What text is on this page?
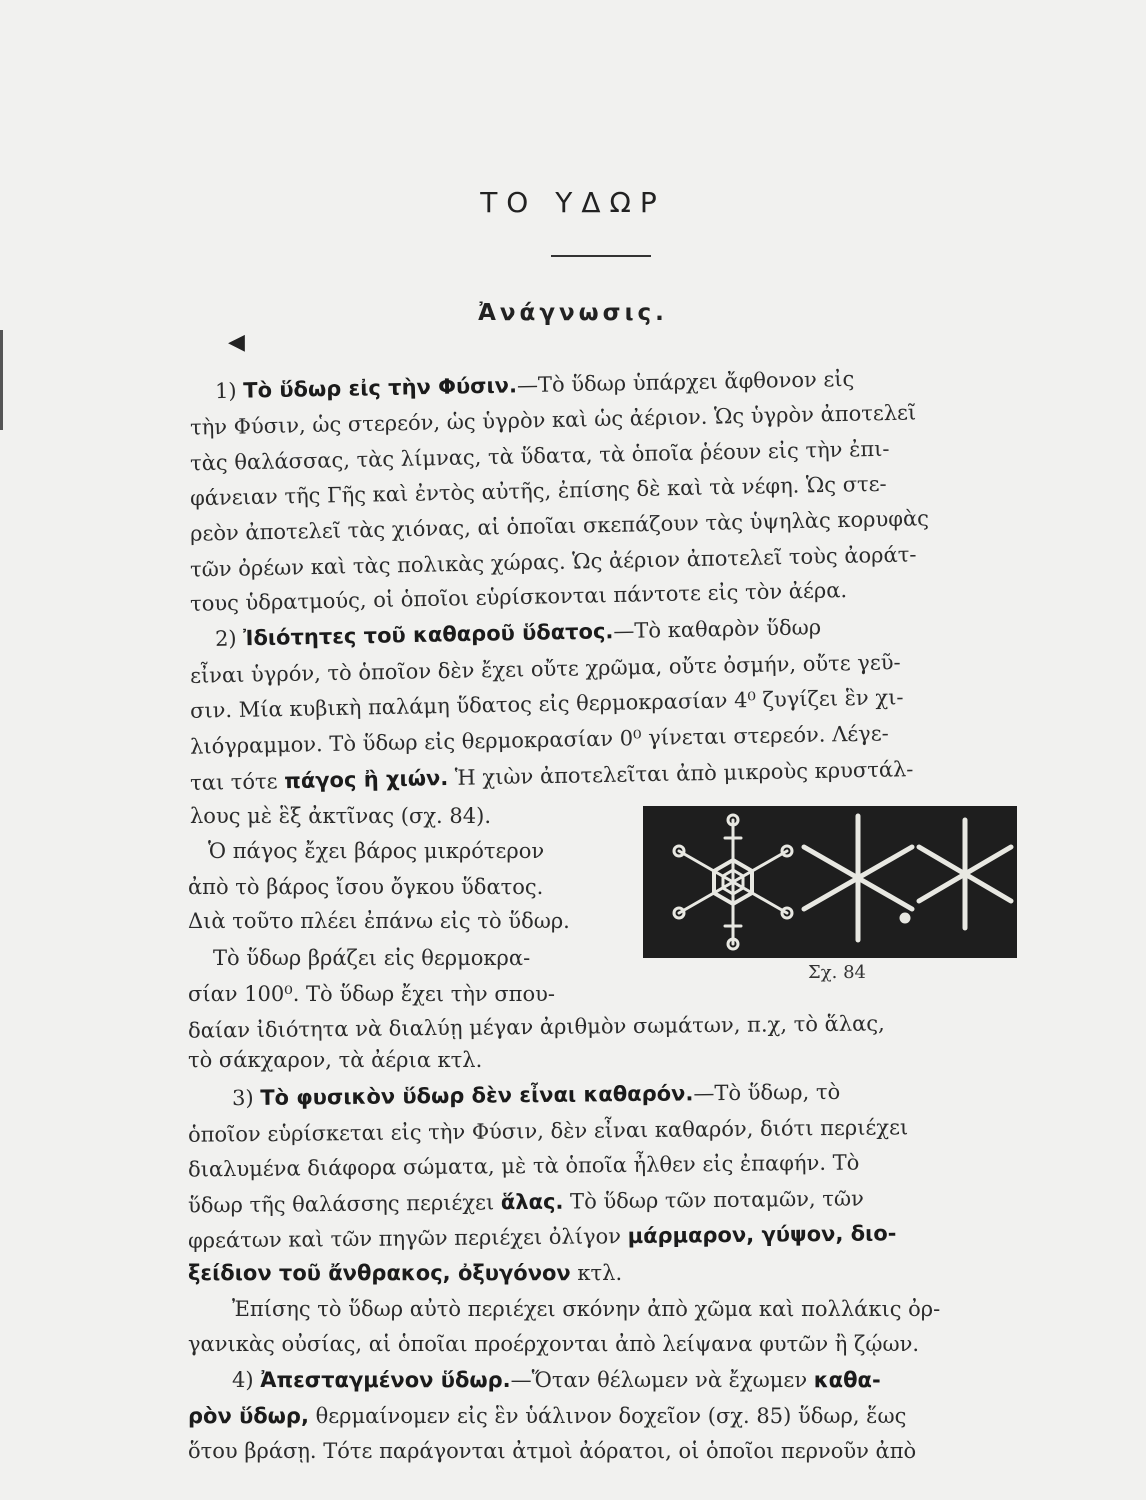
ΤΟ ΥΔΩΡ
Ἀνάγνωσις.
◀
1) Τὸ ὕδωρ εἰς τὴν Φύσιν.—Τὸ ὕδωρ ὑπάρχει ἄφθονον εἰς
τὴν Φύσιν, ὡς στερεόν, ὡς ὑγρὸν καὶ ὡς ἀέριον. Ὡς ὑγρὸν ἀποτελεῖ
τὰς θαλάσσας, τὰς λίμνας, τὰ ὕδατα, τὰ ὁποῖα ῥέουν εἰς τὴν ἐπι-
φάνειαν τῆς Γῆς καὶ ἐντὸς αὐτῆς, ἐπίσης δὲ καὶ τὰ νέφη. Ὡς στε-
ρεὸν ἀποτελεῖ τὰς χιόνας, αἱ ὁποῖαι σκεπάζουν τὰς ὑψηλὰς κορυφὰς
τῶν ὀρέων καὶ τὰς πολικὰς χώρας. Ὡς ἀέριον ἀποτελεῖ τοὺς ἀοράτ-
τους ὑδρατμούς, οἱ ὁποῖοι εὑρίσκονται πάντοτε εἰς τὸν ἀέρα.
2) Ἰδιότητες τοῦ καθαροῦ ὕδατος.—Τὸ καθαρὸν ὕδωρ
εἶναι ὑγρόν, τὸ ὁποῖον δὲν ἔχει οὔτε χρῶμα, οὔτε ὀσμήν, οὔτε γεῦ-
σιν. Μία κυβικὴ παλάμη ὕδατος εἰς θερμοκρασίαν 4⁰ ζυγίζει ἓν χι-
λιόγραμμον. Τὸ ὕδωρ εἰς θερμοκρασίαν 0⁰ γίνεται στερεόν. Λέγε-
ται τότε πάγος ἢ χιών. Ἡ χιὼν ἀποτελεῖται ἀπὸ μικροὺς κρυστάλ-
λους μὲ ἓξ ἀκτῖνας (σχ. 84).
Ὁ πάγος ἔχει βάρος μικρότερον
ἀπὸ τὸ βάρος ἴσου ὄγκου ὕδατος.
Διὰ τοῦτο πλέει ἐπάνω εἰς τὸ ὕδωρ.
Τὸ ὕδωρ βράζει εἰς θερμοκρα-
σίαν 100⁰. Τὸ ὕδωρ ἔχει τὴν σπου-
δαίαν ἰδιότητα νὰ διαλύῃ μέγαν ἀριθμὸν σωμάτων, π.χ, τὸ ἅλας,
τὸ σάκχαρον, τὰ ἀέρια κτλ.
3) Τὸ φυσικὸν ὕδωρ δὲν εἶναι καθαρόν.—Τὸ ὕδωρ, τὸ
ὁποῖον εὑρίσκεται εἰς τὴν Φύσιν, δὲν εἶναι καθαρόν, διότι περιέχει
διαλυμένα διάφορα σώματα, μὲ τὰ ὁποῖα ἦλθεν εἰς ἐπαφήν. Τὸ
ὕδωρ τῆς θαλάσσης περιέχει ἅλας. Τὸ ὕδωρ τῶν ποταμῶν, τῶν
φρεάτων καὶ τῶν πηγῶν περιέχει ὀλίγον μάρμαρον, γύψον, διο-
ξείδιον τοῦ ἄνθρακος, ὀξυγόνον κτλ.
Ἐπίσης τὸ ὕδωρ αὐτὸ περιέχει σκόνην ἀπὸ χῶμα καὶ πολλάκις ὀρ-
γανικὰς οὐσίας, αἱ ὁποῖαι προέρχονται ἀπὸ λείψανα φυτῶν ἢ ζῴων.
4) Ἀπεσταγμένον ὕδωρ.—Ὅταν θέλωμεν νὰ ἔχωμεν καθα-
ρὸν ὕδωρ, θερμαίνομεν εἰς ἓν ὑάλινον δοχεῖον (σχ. 85) ὕδωρ, ἕως
ὅτου βράσῃ. Τότε παράγονται ἀτμοὶ ἀόρατοι, οἱ ὁποῖοι περνοῦν ἀπὸ
Σχ. 84
